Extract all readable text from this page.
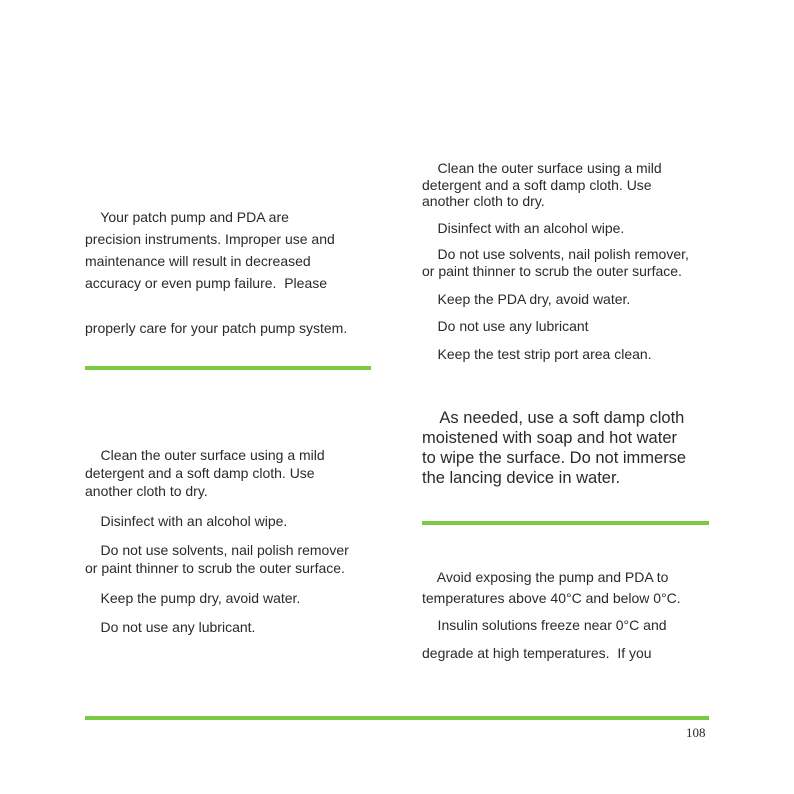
Your patch pump and PDA are

precision instruments. Improper use and

maintenance will result in decreased

accuracy or even pump failure.  Please

properly care for your patch pump system.

Clean the outer surface using a mild

detergent and a soft damp cloth. Use

another cloth to dry.

Disinfect with an alcohol wipe.

Do not use solvents, nail polish remover

or paint thinner to scrub the outer surface.

Keep the pump dry, avoid water.

Do not use any lubricant.

Clean the outer surface using a mild

detergent and a soft damp cloth. Use

another cloth to dry.

Disinfect with an alcohol wipe.

Do not use solvents, nail polish remover,

or paint thinner to scrub the outer surface.

Keep the PDA dry, avoid water.

Do not use any lubricant

Keep the test strip port area clean.

As needed, use a soft damp cloth

moistened with soap and hot water

to wipe the surface. Do not immerse

the lancing device in water.

Avoid exposing the pump and PDA to

temperatures above 40°C and below 0°C.

Insulin solutions freeze near 0°C and

degrade at high temperatures.  If you

108
